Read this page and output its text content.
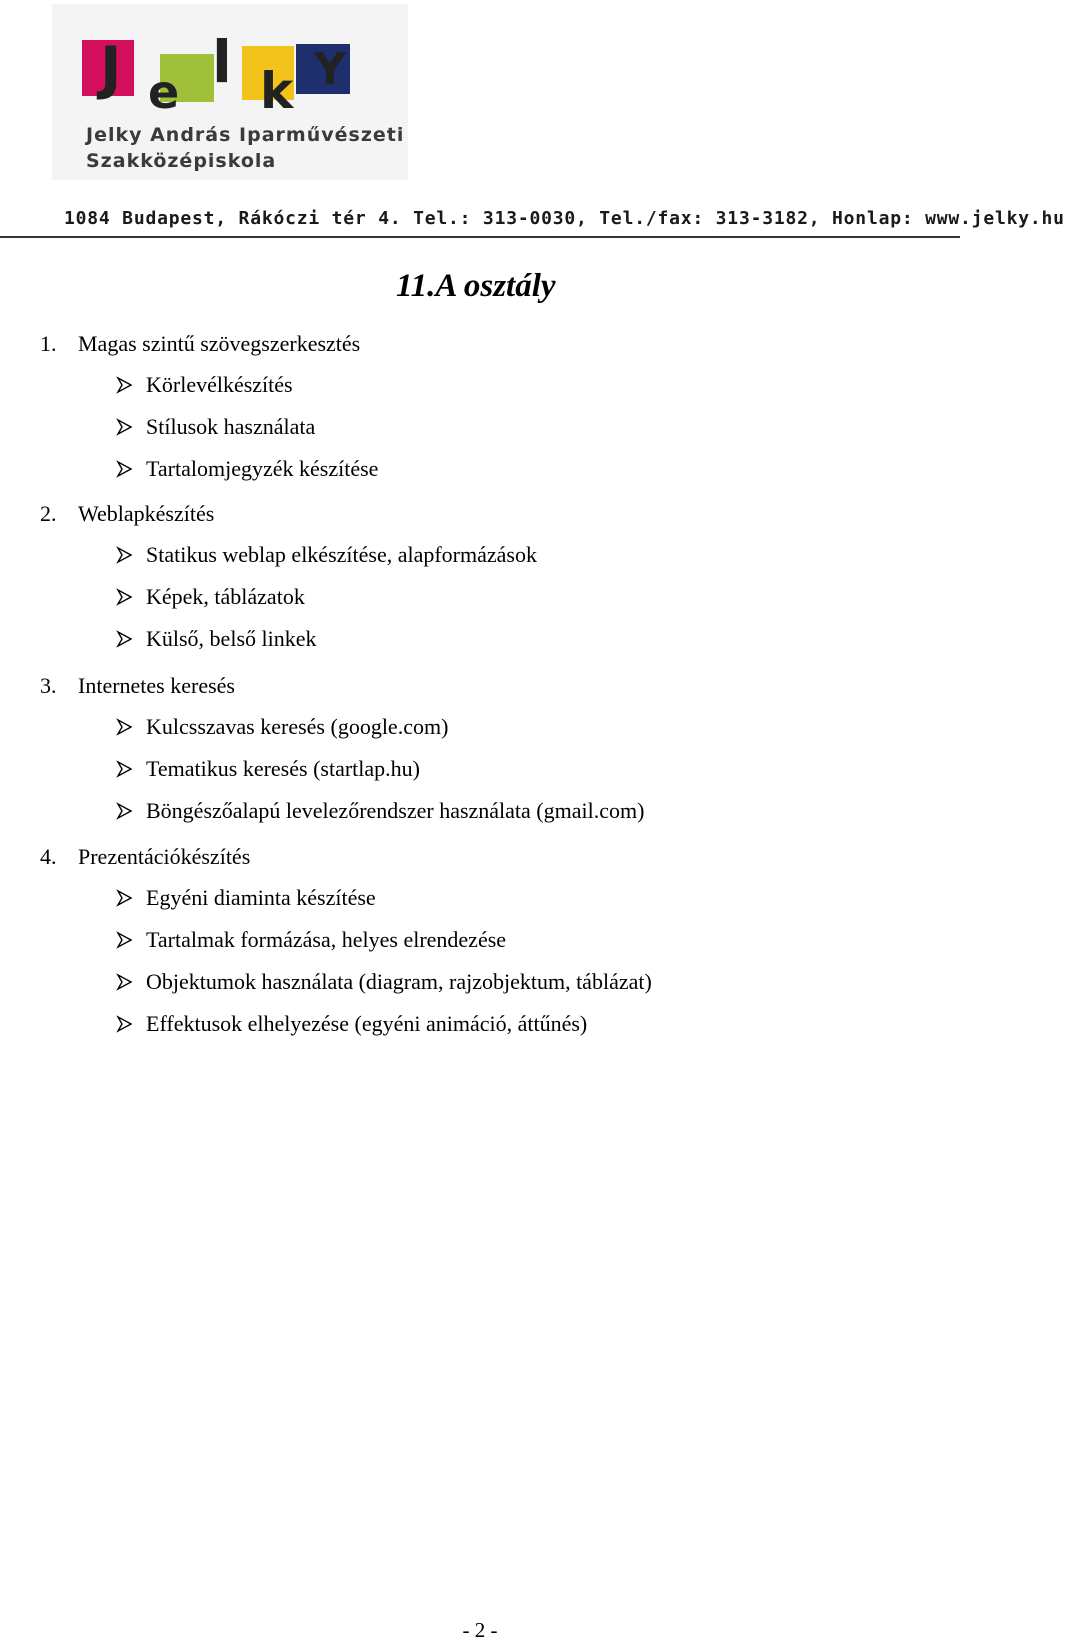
J e l k Y
Jelky András Iparművészeti
Szakközépiskola
1084 Budapest, Rákóczi tér 4. Tel.: 313-0030, Tel./fax: 313-3182, Honlap: www.jelky.hu
11.A osztály
1. Magas szintű szövegszerkesztés
Körlevélkészítés
Stílusok használata
Tartalomjegyzék készítése
2. Weblapkészítés
Statikus weblap elkészítése, alapformázások
Képek, táblázatok
Külső, belső linkek
3. Internetes keresés
Kulcsszavas keresés (google.com)
Tematikus keresés (startlap.hu)
Böngészőalapú levelezőrendszer használata (gmail.com)
4. Prezentációkészítés
Egyéni diaminta készítése
Tartalmak formázása, helyes elrendezése
Objektumok használata (diagram, rajzobjektum, táblázat)
Effektusok elhelyezése (egyéni animáció, áttűnés)
- 2 -
